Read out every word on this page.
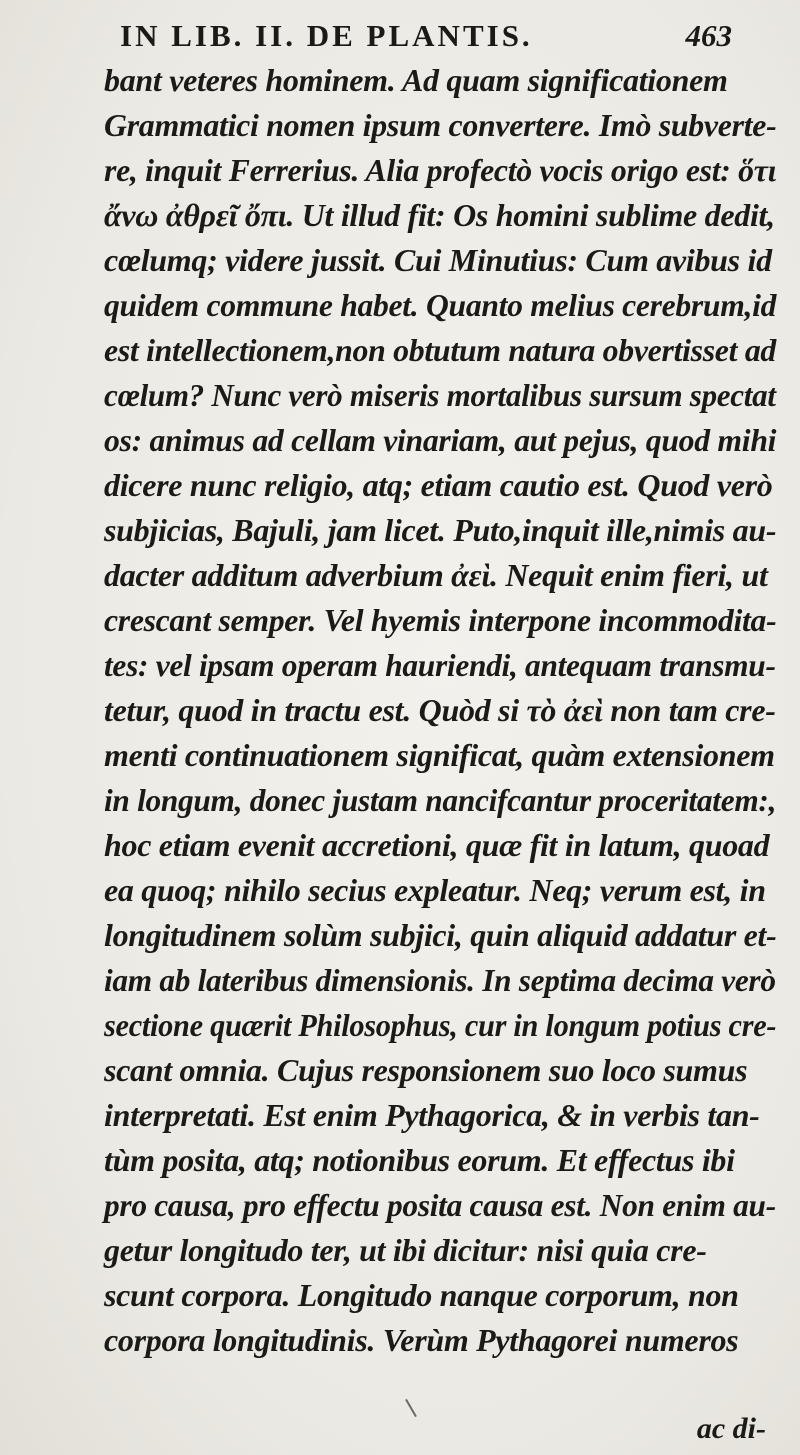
IN LIB. II. DE PLANTIS.	463
bant veteres hominem. Ad quam significationem
Grammatici nomen ipsum convertere. Imò subverte-
re, inquit Ferrerius. Alia profectò vocis origo est: ὅτι
ἄνω ἀθρεῖ ὄπι. Ut illud fit: Os homini sublime dedit,
cœlumq; videre jussit. Cui Minutius: Cum avibus id
quidem commune habet. Quanto melius cerebrum,id
est intellectionem,non obtutum natura obvertisset ad
cœlum? Nunc verò miseris mortalibus sursum spectat
os: animus ad cellam vinariam, aut pejus, quod mihi
dicere nunc religio, atq; etiam cautio est. Quod verò
subjicias, Bajuli, jam licet. Puto,inquit ille,nimis au-
dacter additum adverbium ἀεὶ. Nequit enim fieri, ut
crescant semper. Vel hyemis interpone incommodita-
tes: vel ipsam operam hauriendi, antequam transmu-
tetur, quod in tractu est. Quòd si τὸ ἀεὶ non tam cre-
menti continuationem significat, quàm extensionem
in longum, donec justam nancifcantur proceritatem:,
hoc etiam evenit accretioni, quæ fit in latum, quoad
ea quoq; nihilo secius expleatur. Neq; verum est, in
longitudinem solùm subjici, quin aliquid addatur et-
iam ab lateribus dimensionis. In septima decima verò
sectione quærit Philosophus, cur in longum potius cre-
scant omnia. Cujus responsionem suo loco sumus
interpretati. Est enim Pythagorica, & in verbis tan-
tùm posita, atq; notionibus eorum. Et effectus ibi
pro causa, pro effectu posita causa est. Non enim au-
getur longitudo ter, ut ibi dicitur: nisi quia cre-
scunt corpora. Longitudo nanque corporum, non
corpora longitudinis. Verùm Pythagorei numeros
ac di-
